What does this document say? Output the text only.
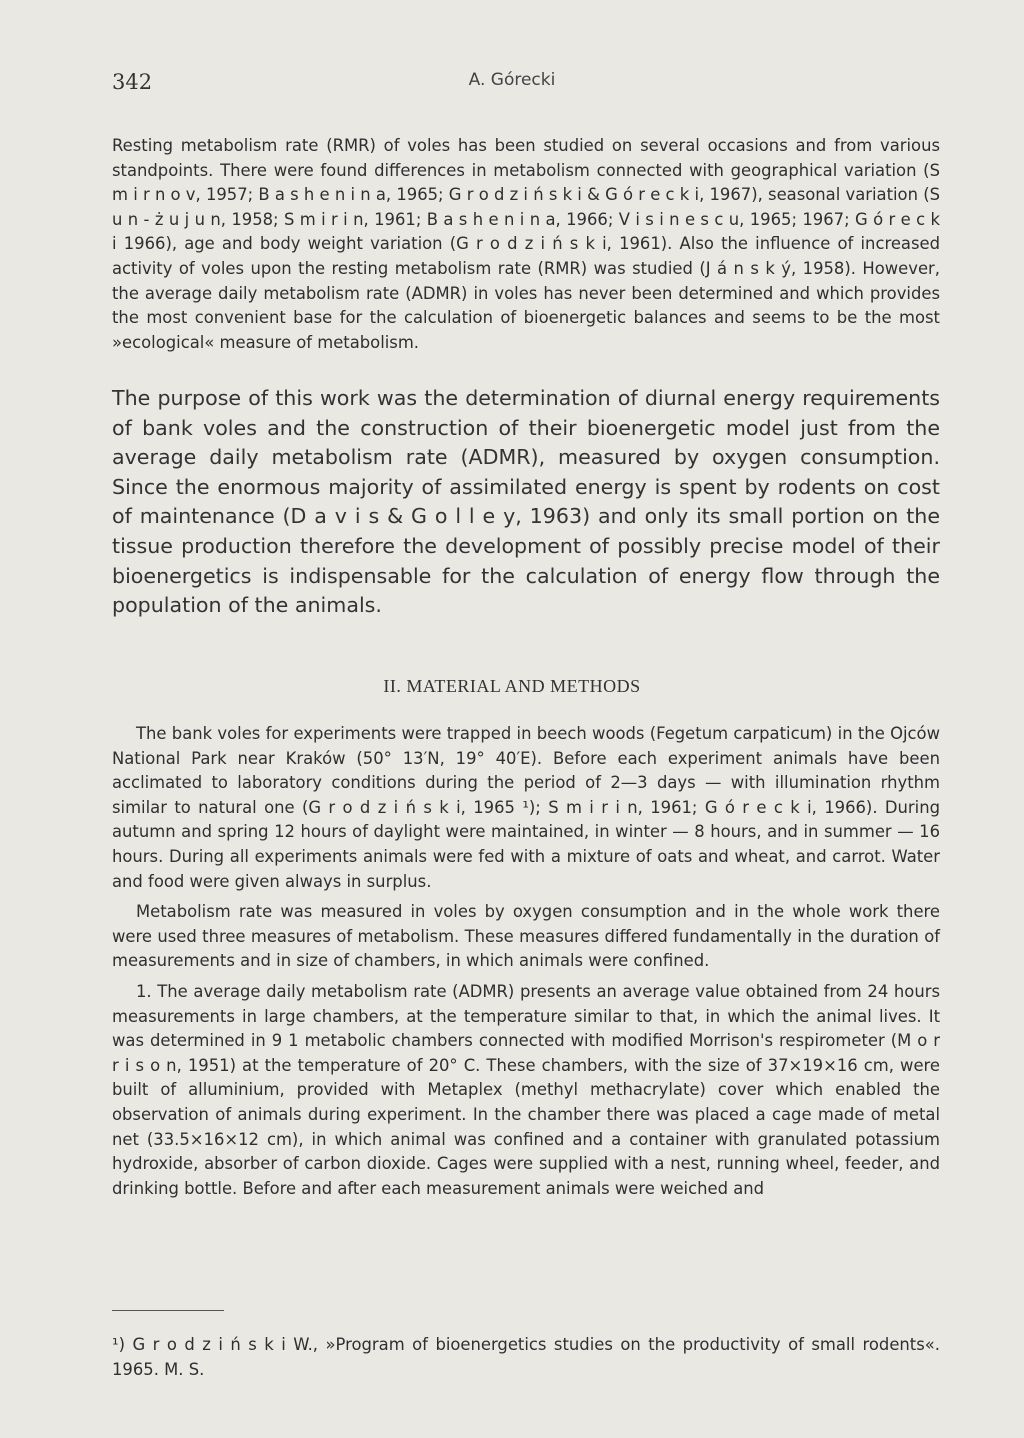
342	A. Górecki

Resting metabolism rate (RMR) of voles has been studied on several occasions and from various standpoints. There were found differences in metabolism connected with geographical variation (S m i r n o v, 1957; B a s h e n i n a, 1965; G r o d z i ń s k i & G ó r e c k i, 1967), seasonal variation (S u n - ż u j u n, 1958; S m i r i n, 1961; B a s h e n i n a, 1966; V i s i n e s c u, 1965; 1967; G ó r e c k i 1966), age and body weight variation (G r o d z i ń s k i, 1961). Also the influence of increased activity of voles upon the resting metabolism rate (RMR) was studied (J á n s k ý, 1958). However, the average daily metabolism rate (ADMR) in voles has never been determined and which provides the most convenient base for the calculation of bioenergetic balances and seems to be the most »ecological« measure of metabolism.

The purpose of this work was the determination of diurnal energy requirements of bank voles and the construction of their bioenergetic model just from the average daily metabolism rate (ADMR), measured by oxygen consumption. Since the enormous majority of assimilated energy is spent by rodents on cost of maintenance (D a v i s & G o l l e y, 1963) and only its small portion on the tissue production therefore the development of possibly precise model of their bioenergetics is indispensable for the calculation of energy flow through the population of the animals.

II. MATERIAL AND METHODS

The bank voles for experiments were trapped in beech woods (Fegetum carpaticum) in the Ojców National Park near Kraków (50° 13′N, 19° 40′E). Before each experiment animals have been acclimated to laboratory conditions during the period of 2—3 days — with illumination rhythm similar to natural one (G r o d z i ń s k i, 1965 ¹); S m i r i n, 1961; G ó r e c k i, 1966). During autumn and spring 12 hours of daylight were maintained, in winter — 8 hours, and in summer — 16 hours. During all experiments animals were fed with a mixture of oats and wheat, and carrot. Water and food were given always in surplus.

Metabolism rate was measured in voles by oxygen consumption and in the whole work there were used three measures of metabolism. These measures differed fundamentally in the duration of measurements and in size of chambers, in which animals were confined.

1. The average daily metabolism rate (ADMR) presents an average value obtained from 24 hours measurements in large chambers, at the temperature similar to that, in which the animal lives. It was determined in 9 1 metabolic chambers connected with modified Morrison's respirometer (M o r r i s o n, 1951) at the temperature of 20° C. These chambers, with the size of 37×19×16 cm, were built of alluminium, provided with Metaplex (methyl methacrylate) cover which enabled the observation of animals during experiment. In the chamber there was placed a cage made of metal net (33.5×16×12 cm), in which animal was confined and a container with granulated potassium hydroxide, absorber of carbon dioxide. Cages were supplied with a nest, running wheel, feeder, and drinking bottle. Before and after each measurement animals were weiched and

¹) G r o d z i ń s k i W., »Program of bioenergetics studies on the productivity of small rodents«. 1965. M. S.
